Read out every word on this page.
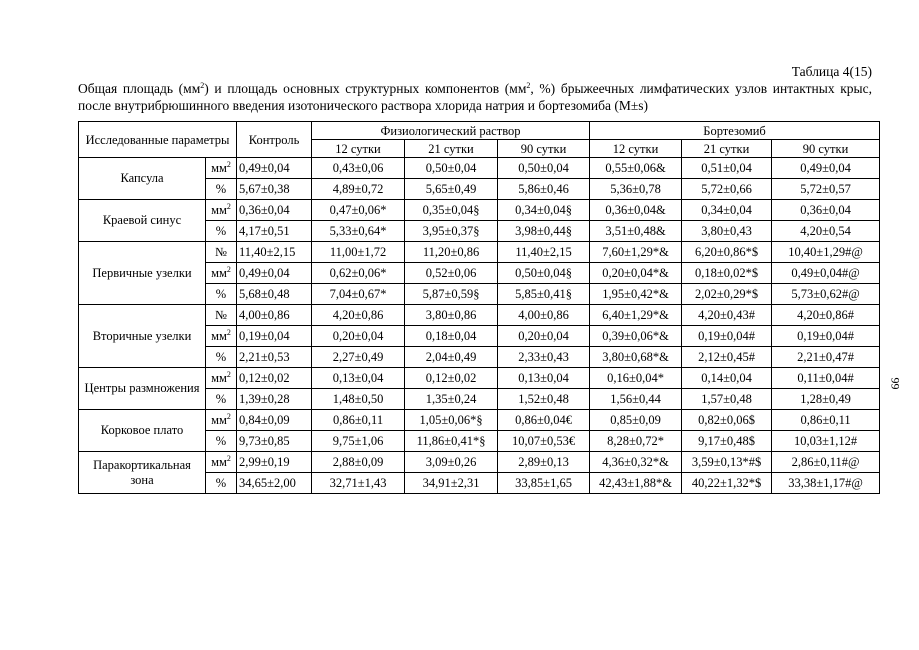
Таблица 4(15)
Общая площадь $(мм^2)$ и площадь основных структурных компонентов ($мм^2$, %) брыжеечных лимфатических узлов интактных крыс, после внутрибрюшинного введения изотонического раствора хлорида натрия и бортезомиба (M±s)
Исследованные параметры		Контроль	Физиологический раствор			Бортезомиб		
			12 сутки	21 сутки	90 сутки	12 сутки	21 сутки	90 сутки
Капсула	$мм^2$	0,49±0,04	0,43±0,06	0,50±0,04	0,50±0,04	0,55±0,06&	0,51±0,04	0,49±0,04
	%	5,67±0,38	4,89±0,72	5,65±0,49	5,86±0,46	5,36±0,78	5,72±0,66	5,72±0,57
Краевой синус	$мм^2$	0,36±0,04	0,47±0,06*	0,35±0,04§	0,34±0,04§	0,36±0,04&	0,34±0,04	0,36±0,04
	%	4,17±0,51	5,33±0,64*	3,95±0,37§	3,98±0,44§	3,51±0,48&	3,80±0,43	4,20±0,54
Первичные узелки	№	11,40±2,15	11,00±1,72	11,20±0,86	11,40±2,15	7,60±1,29*&	6,20±0,86*$	10,40±1,29#@
	$мм^2$	0,49±0,04	0,62±0,06*	0,52±0,06	0,50±0,04§	0,20±0,04*&	0,18±0,02*$	0,49±0,04#@
	%	5,68±0,48	7,04±0,67*	5,87±0,59§	5,85±0,41§	1,95±0,42*&	2,02±0,29*$	5,73±0,62#@
Вторичные узелки	№	4,00±0,86	4,20±0,86	3,80±0,86	4,00±0,86	6,40±1,29*&	4,20±0,43#	4,20±0,86#
	$мм^2$	0,19±0,04	0,20±0,04	0,18±0,04	0,20±0,04	0,39±0,06*&	0,19±0,04#	0,19±0,04#
	%	2,21±0,53	2,27±0,49	2,04±0,49	2,33±0,43	3,80±0,68*&	2,12±0,45#	2,21±0,47#
Центры размножения	$мм^2$	0,12±0,02	0,13±0,04	0,12±0,02	0,13±0,04	0,16±0,04*	0,14±0,04	0,11±0,04#
	%	1,39±0,28	1,48±0,50	1,35±0,24	1,52±0,48	1,56±0,44	1,57±0,48	1,28±0,49
Корковое плато	$мм^2$	0,84±0,09	0,86±0,11	1,05±0,06*§	0,86±0,04€	0,85±0,09	0,82±0,06$	0,86±0,11
	%	9,73±0,85	9,75±1,06	11,86±0,41*§	10,07±0,53€	8,28±0,72*	9,17±0,48$	10,03±1,12#
Паракортикальная зона	$мм^2$	2,99±0,19	2,88±0,09	3,09±0,26	2,89±0,13	4,36±0,32*&	3,59±0,13*#$	2,86±0,11#@
	%	34,65±2,00	32,71±1,43	34,91±2,31	33,85±1,65	42,43±1,88*&	40,22±1,32*$	33,38±1,17#@
99
